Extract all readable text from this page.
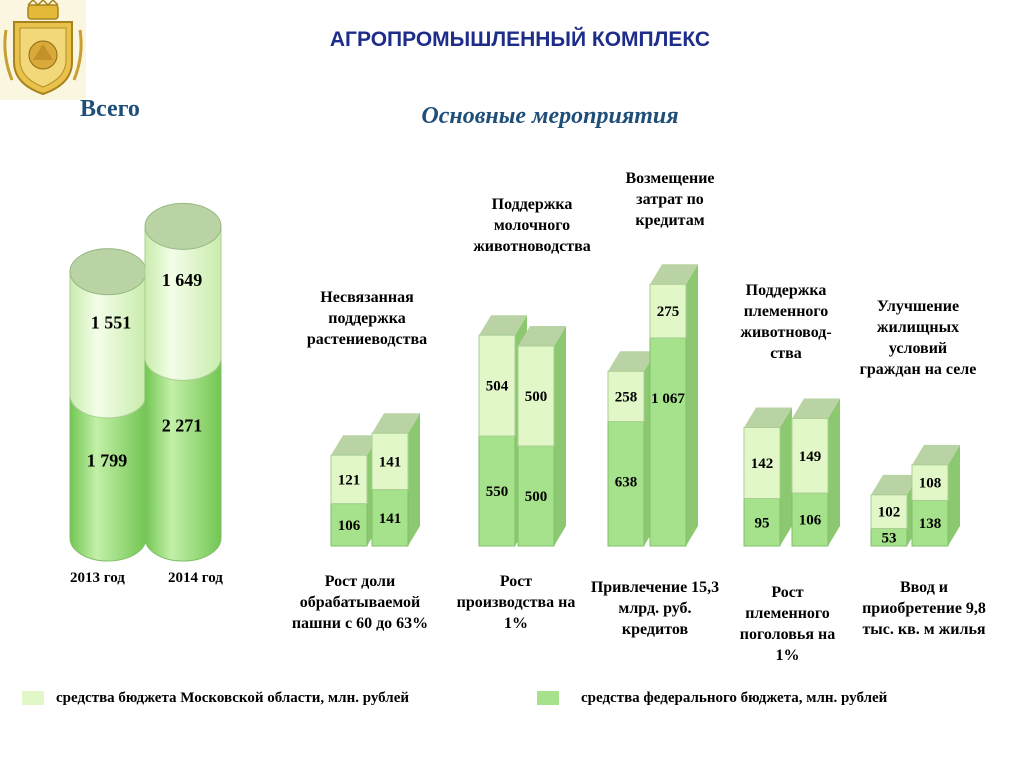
АГРОПРОМЫШЛЕННЫЙ КОМПЛЕКС
Основные мероприятия
Всего
1 799
1 551
2 271
1 649
106
121
141
141
550
504
500
500
638
258 1 067
275
95
142
106
149
53
102
138
108
2013 год	2014 год
Несвязанная поддержка растениеводства
Поддержка молочного животноводства
Возмещение затрат по кредитам
Поддержка племенного животновод-ства
Улучшение жилищных условий граждан на селе
Рост доли обрабатываемой пашни с 60 до 63%
Рост производства на 1%
Привлечение 15,3 млрд. руб. кредитов
Рост племенного поголовья на 1%
Ввод и приобретение 9,8 тыс. кв. м жилья
средства бюджета Московской области, млн. рублей	средства федерального бюджета, млн. рублей
